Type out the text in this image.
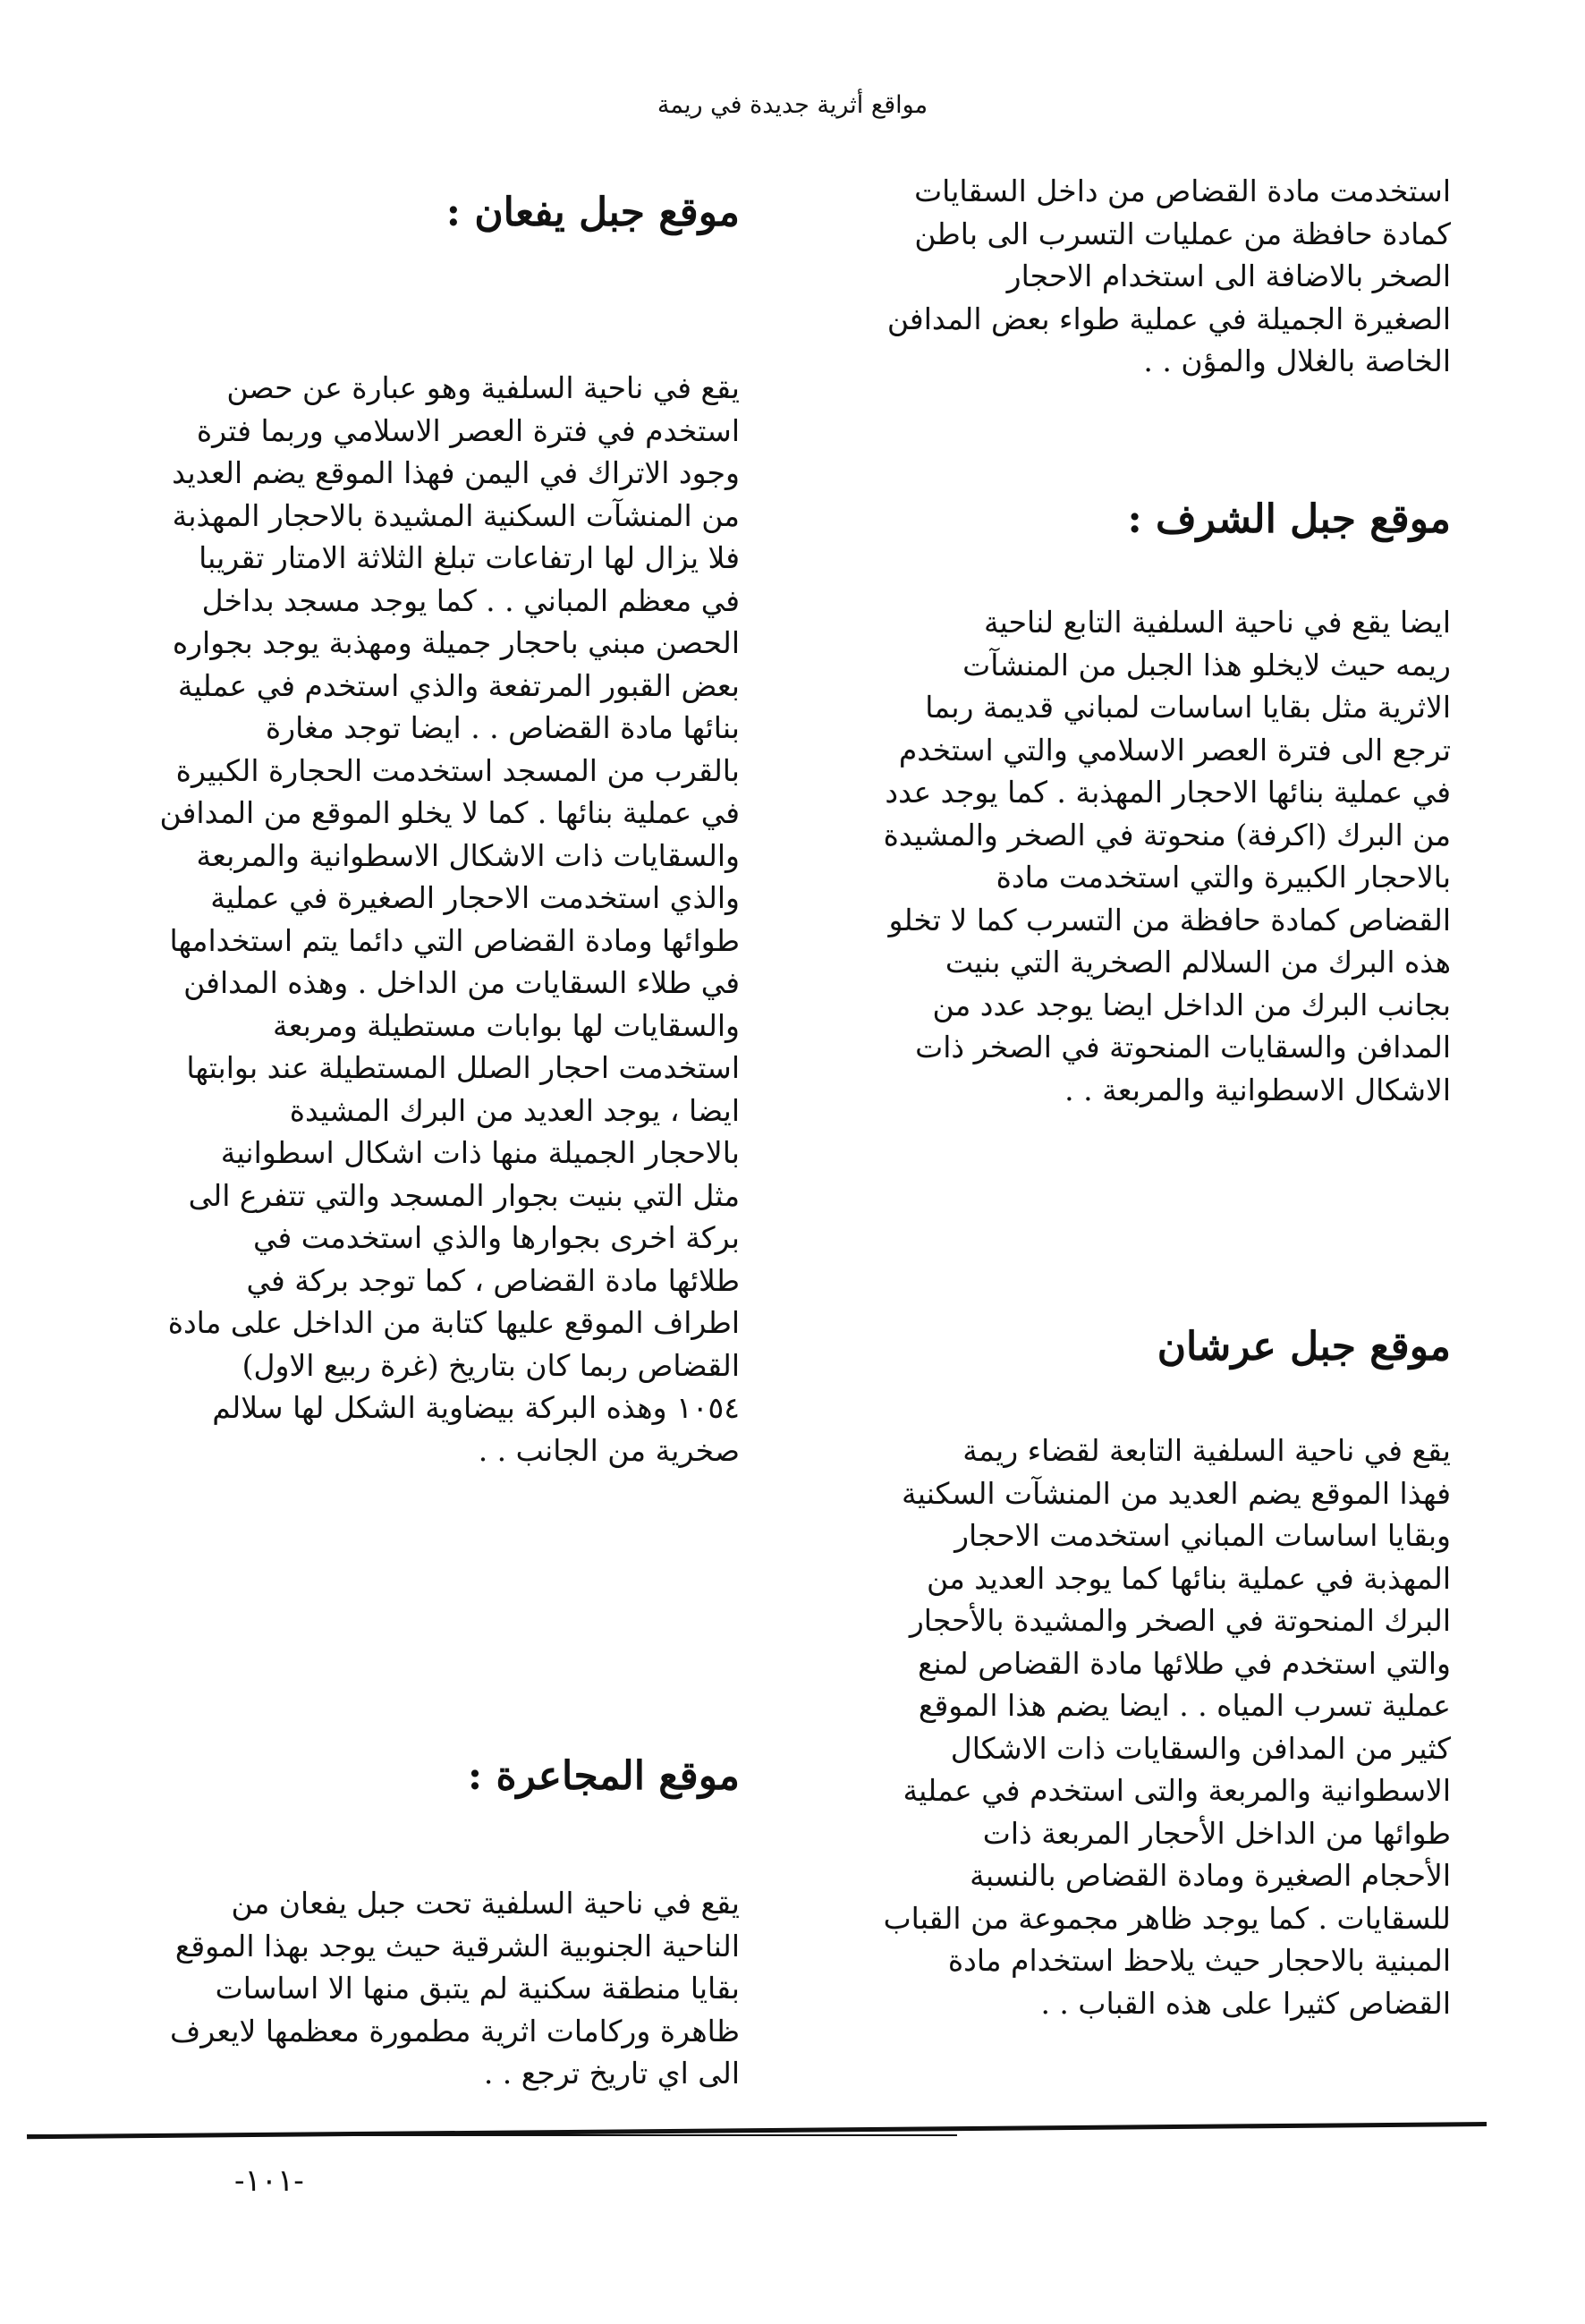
مواقع أثرية جديدة في ريمة
استخدمت مادة القضاص من داخل السقايات
كمادة حافظة من عمليات التسرب الى باطن
الصخر بالاضافة الى استخدام الاحجار
الصغيرة الجميلة في عملية طواء بعض المدافن
الخاصة بالغلال والمؤن . .
موقع جبل الشرف :
ايضا يقع في ناحية السلفية التابع لناحية
ريمه حيث لايخلو هذا الجبل من المنشآت
الاثرية مثل بقايا اساسات لمباني قديمة ربما
ترجع الى فترة العصر الاسلامي والتي استخدم
في عملية بنائها الاحجار المهذبة . كما يوجد عدد
من البرك (اكرفة) منحوتة في الصخر والمشيدة
بالاحجار الكبيرة والتي استخدمت مادة
القضاص كمادة حافظة من التسرب كما لا تخلو
هذه البرك من السلالم الصخرية التي بنيت
بجانب البرك من الداخل ايضا يوجد عدد من
المدافن والسقايات المنحوتة في الصخر ذات
الاشكال الاسطوانية والمربعة . .
موقع جبل عرشان
يقع في ناحية السلفية التابعة لقضاء ريمة
فهذا الموقع يضم العديد من المنشآت السكنية
وبقايا اساسات المباني استخدمت الاحجار
المهذبة في عملية بنائها كما يوجد العديد من
البرك المنحوتة في الصخر والمشيدة بالأحجار
والتي استخدم في طلائها مادة القضاص لمنع
عملية تسرب المياه . . ايضا يضم هذا الموقع
كثير من المدافن والسقايات ذات الاشكال
الاسطوانية والمربعة والتى استخدم في عملية
طوائها من الداخل الأحجار المربعة ذات
الأحجام الصغيرة ومادة القضاص بالنسبة
للسقايات . كما يوجد ظاهر مجموعة من القباب
المبنية بالاحجار حيث يلاحظ استخدام مادة
القضاص كثيرا على هذه القباب . .
موقع جبل يفعان :
يقع في ناحية السلفية وهو عبارة عن حصن
استخدم في فترة العصر الاسلامي وربما فترة
وجود الاتراك في اليمن فهذا الموقع يضم العديد
من المنشآت السكنية المشيدة بالاحجار المهذبة
فلا يزال لها ارتفاعات تبلغ الثلاثة الامتار تقريبا
في معظم المباني . . كما يوجد مسجد بداخل
الحصن مبني باحجار جميلة ومهذبة يوجد بجواره
بعض القبور المرتفعة والذي استخدم في عملية
بنائها مادة القضاص . . ايضا توجد مغارة
بالقرب من المسجد استخدمت الحجارة الكبيرة
في عملية بنائها . كما لا يخلو الموقع من المدافن
والسقايات ذات الاشكال الاسطوانية والمربعة
والذي استخدمت الاحجار الصغيرة في عملية
طوائها ومادة القضاص التي دائما يتم استخدامها
في طلاء السقايات من الداخل . وهذه المدافن
والسقايات لها بوابات مستطيلة ومربعة
استخدمت احجار الصلل المستطيلة عند بوابتها
ايضا ، يوجد العديد من البرك المشيدة
بالاحجار الجميلة منها ذات اشكال اسطوانية
مثل التي بنيت بجوار المسجد والتي تتفرع الى
بركة اخرى بجوارها والذي استخدمت في
طلائها مادة القضاص ، كما توجد بركة في
اطراف الموقع عليها كتابة من الداخل على مادة
القضاص ربما كان بتاريخ (غرة ربيع الاول)
١٠٥٤ وهذه البركة بيضاوية الشكل لها سلالم
صخرية من الجانب . .
موقع المجاعرة :
يقع في ناحية السلفية تحت جبل يفعان من
الناحية الجنوبية الشرقية حيث يوجد بهذا الموقع
بقايا منطقة سكنية لم يتبق منها الا اساسات
ظاهرة وركامات اثرية مطمورة معظمها لايعرف
الى اي تاريخ ترجع . .
-١٠١-
